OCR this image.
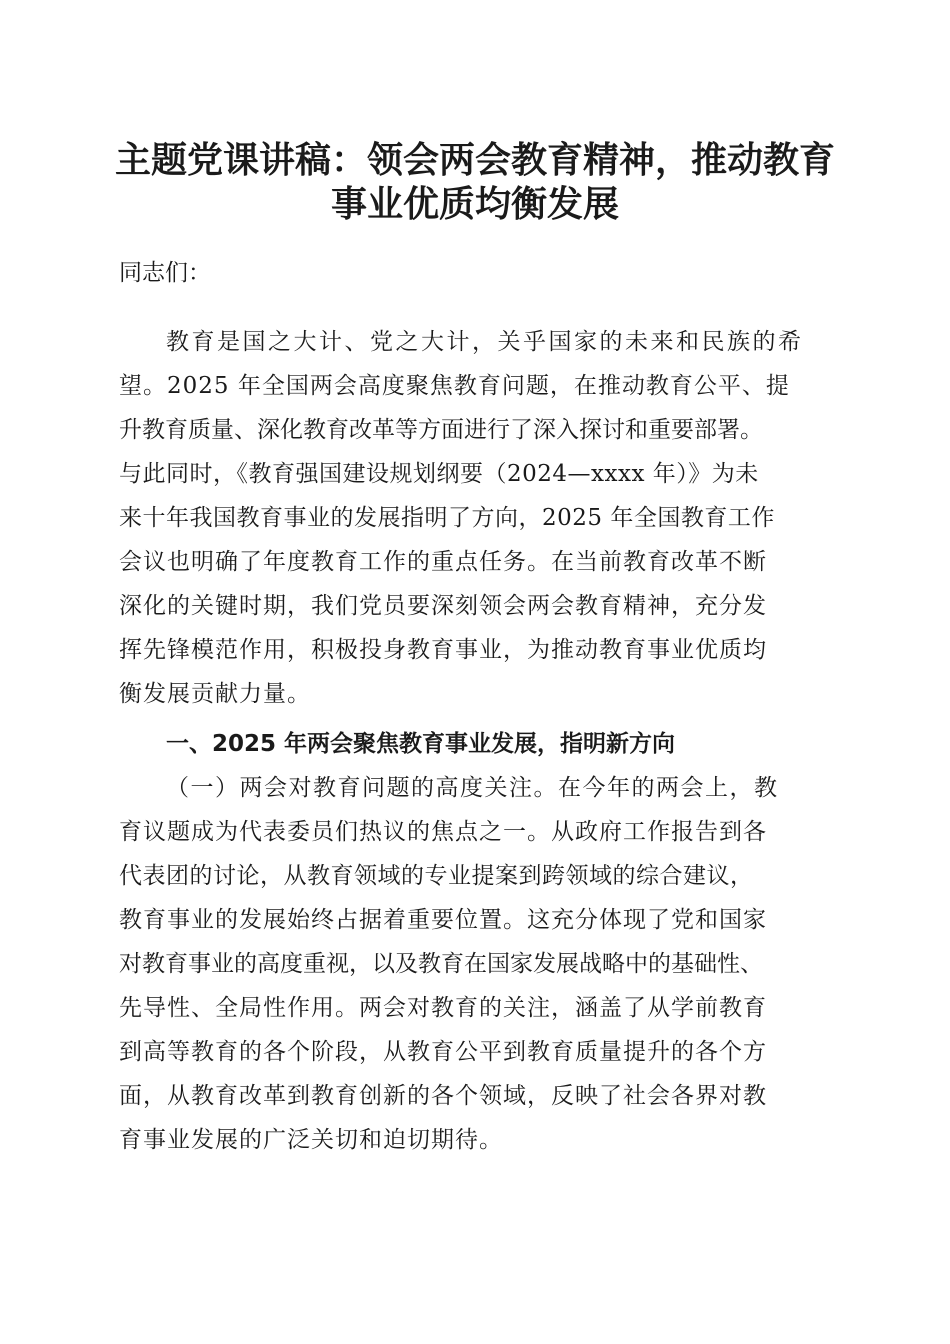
主题党课讲稿：领会两会教育精神，推动教育
事业优质均衡发展
同志们：
教育是国之大计、党之大计，关乎国家的未来和民族的希
望。2025 年全国两会高度聚焦教育问题，在推动教育公平、提
升教育质量、深化教育改革等方面进行了深入探讨和重要部署。
与此同时，《教育强国建设规划纲要（2024—xxxx 年）》为未
来十年我国教育事业的发展指明了方向，2025 年全国教育工作
会议也明确了年度教育工作的重点任务。在当前教育改革不断
深化的关键时期，我们党员要深刻领会两会教育精神，充分发
挥先锋模范作用，积极投身教育事业，为推动教育事业优质均
衡发展贡献力量。
一、2025 年两会聚焦教育事业发展，指明新方向
（一）两会对教育问题的高度关注。在今年的两会上，教
育议题成为代表委员们热议的焦点之一。从政府工作报告到各
代表团的讨论，从教育领域的专业提案到跨领域的综合建议，
教育事业的发展始终占据着重要位置。这充分体现了党和国家
对教育事业的高度重视，以及教育在国家发展战略中的基础性、
先导性、全局性作用。两会对教育的关注，涵盖了从学前教育
到高等教育的各个阶段，从教育公平到教育质量提升的各个方
面，从教育改革到教育创新的各个领域，反映了社会各界对教
育事业发展的广泛关切和迫切期待。
